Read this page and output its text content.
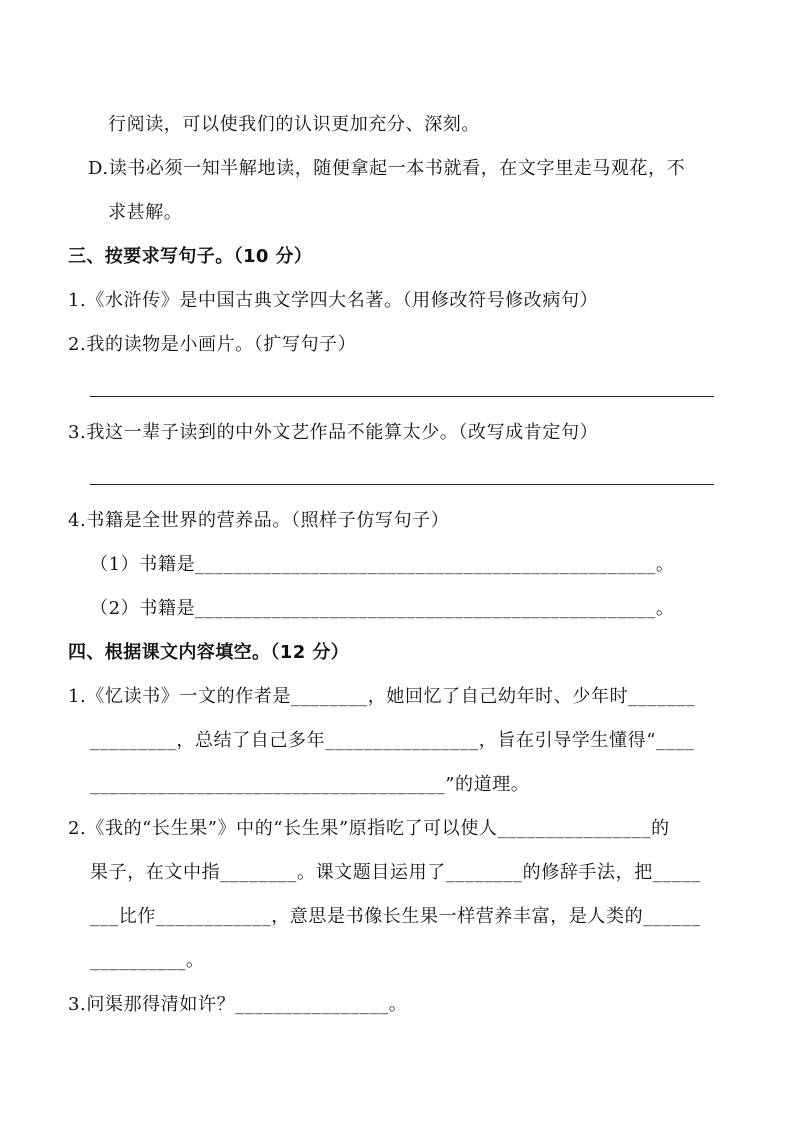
行阅读，可以使我们的认识更加充分、深刻。
D.读书必须一知半解地读，随便拿起一本书就看，在文字里走马观花，不
求甚解。
三、按要求写句子。（10 分）
1.《水浒传》是中国古典文学四大名著。（用修改符号修改病句）
2.我的读物是小画片。（扩写句子）
3.我这一辈子读到的中外文艺作品不能算太少。（改写成肯定句）
4.书籍是全世界的营养品。（照样子仿写句子）
（1）书籍是________________________________________________。
（2）书籍是________________________________________________。
四、根据课文内容填空。（12 分）
1.《忆读书》一文的作者是________，她回忆了自己幼年时、少年时_______
_________，总结了自己多年________________，旨在引导学生懂得“____
_____________________________________”的道理。
2.《我的“长生果”》中的“长生果”原指吃了可以使人________________的
果子，在文中指________。课文题目运用了________的修辞手法，把_____
___比作____________，意思是书像长生果一样营养丰富，是人类的______
__________。
3.问渠那得清如许？________________。
